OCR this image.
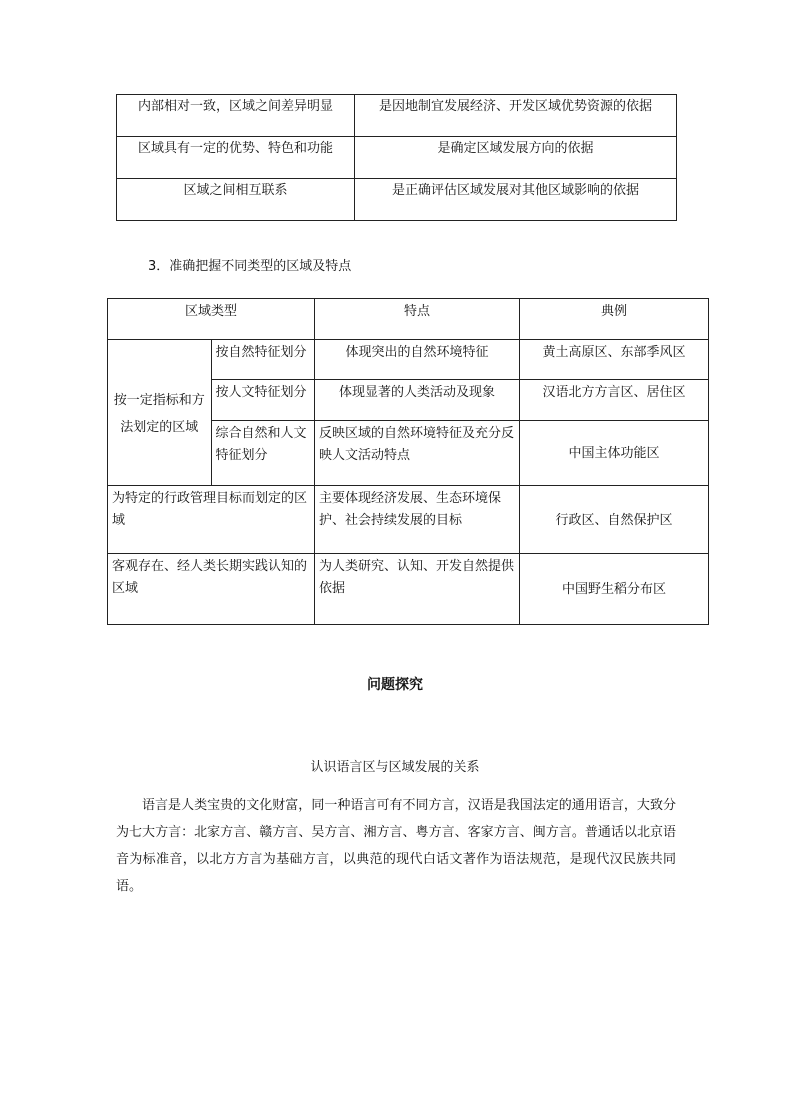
内部相对一致，区域之间差异明显	是因地制宜发展经济、开发区域优势资源的依据
区域具有一定的优势、特色和功能	是确定区域发展方向的依据
区域之间相互联系	是正确评估区域发展对其他区域影响的依据
3．准确把握不同类型的区域及特点
区域类型		特点	典例
按一定指标和方法划定的区域	按自然特征划分	体现突出的自然环境特征	黄土高原区、东部季风区
	按人文特征划分	体现显著的人类活动及现象	汉语北方方言区、居住区
	综合自然和人文特征划分	反映区域的自然环境特征及充分反映人文活动特点	中国主体功能区
为特定的行政管理目标而划定的区域		主要体现经济发展、生态环境保护、社会持续发展的目标	行政区、自然保护区
客观存在、经人类长期实践认知的区域		为人类研究、认知、开发自然提供依据	中国野生稻分布区
问题探究
认识语言区与区域发展的关系
语言是人类宝贵的文化财富，同一种语言可有不同方言，汉语是我国法定的通用语言，大致分为七大方言：北家方言、赣方言、吴方言、湘方言、粤方言、客家方言、闽方言。普通话以北京语音为标准音，以北方方言为基础方言，以典范的现代白话文著作为语法规范，是现代汉民族共同语。
